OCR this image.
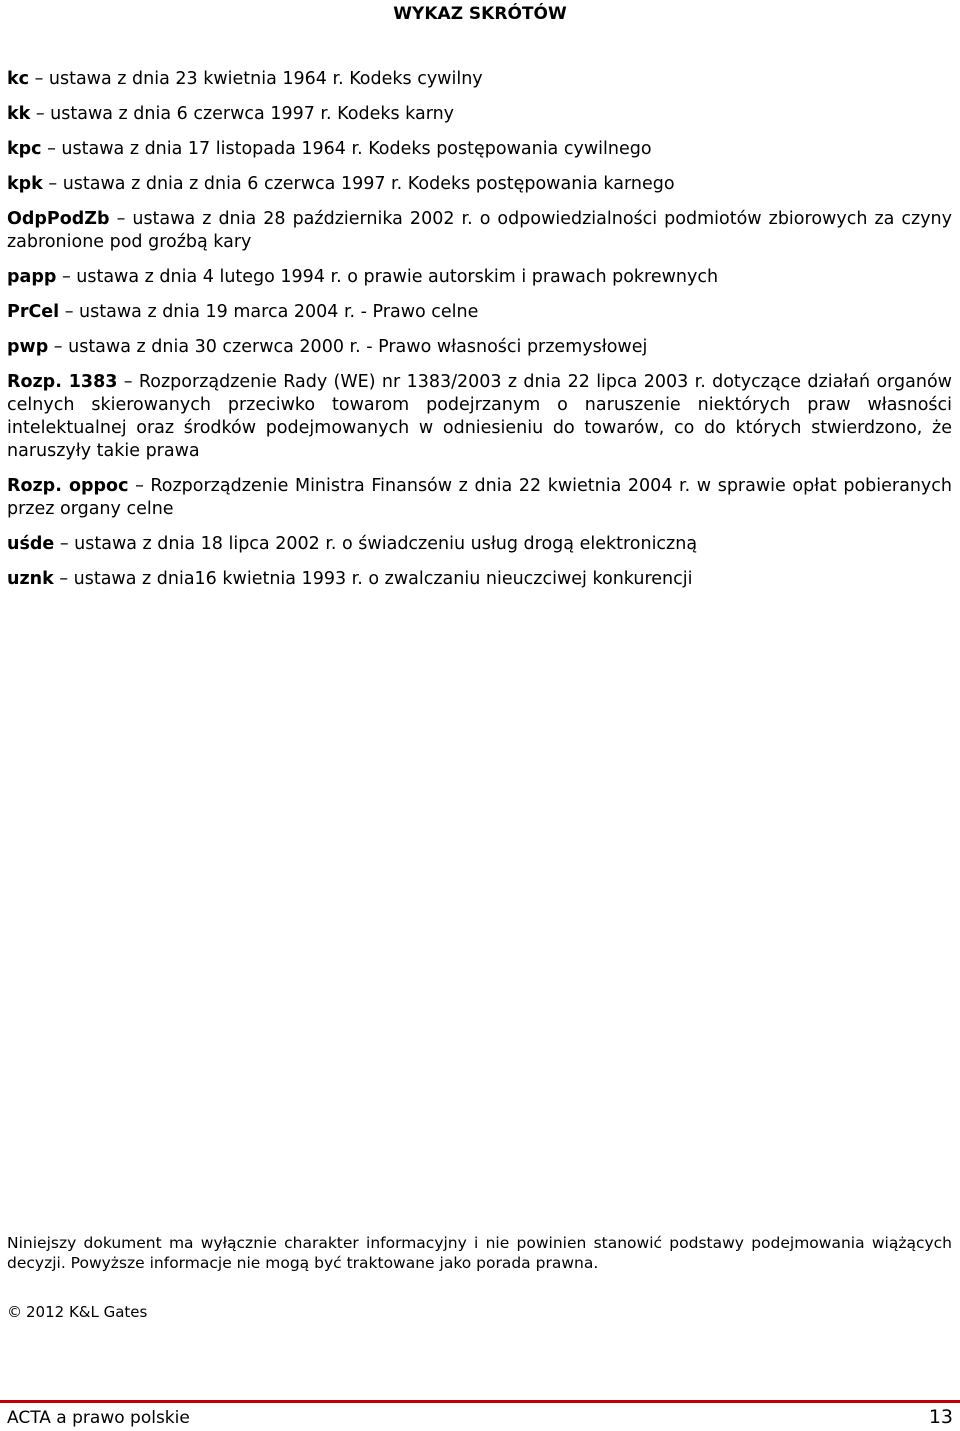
WYKAZ SKRÓTÓW

kc – ustawa z dnia 23 kwietnia 1964 r. Kodeks cywilny

kk – ustawa z dnia 6 czerwca 1997 r. Kodeks karny

kpc – ustawa z dnia 17 listopada 1964 r. Kodeks postępowania cywilnego

kpk – ustawa z dnia z dnia 6 czerwca 1997 r. Kodeks postępowania karnego

OdpPodZb – ustawa z dnia 28 października 2002 r. o odpowiedzialności podmiotów zbiorowych za czyny zabronione pod groźbą kary

papp – ustawa z dnia 4 lutego 1994 r. o prawie autorskim i prawach pokrewnych

PrCel – ustawa z dnia 19 marca 2004 r. - Prawo celne

pwp – ustawa z dnia 30 czerwca 2000 r. - Prawo własności przemysłowej

Rozp. 1383 – Rozporządzenie Rady (WE) nr 1383/2003 z dnia 22 lipca 2003 r. dotyczące działań organów celnych skierowanych przeciwko towarom podejrzanym o naruszenie niektórych praw własności intelektualnej oraz środków podejmowanych w odniesieniu do towarów, co do których stwierdzono, że naruszyły takie prawa

Rozp. oppoc – Rozporządzenie Ministra Finansów z dnia 22 kwietnia 2004 r. w sprawie opłat pobieranych przez organy celne

uśde – ustawa z dnia 18 lipca 2002 r. o świadczeniu usług drogą elektroniczną

uznk – ustawa z dnia16 kwietnia 1993 r. o zwalczaniu nieuczciwej konkurencji

Niniejszy dokument ma wyłącznie charakter informacyjny i nie powinien stanowić podstawy podejmowania wiążących decyzji. Powyższe informacje nie mogą być traktowane jako porada prawna.
© 2012 K&L Gates
ACTA a prawo polskie	13
